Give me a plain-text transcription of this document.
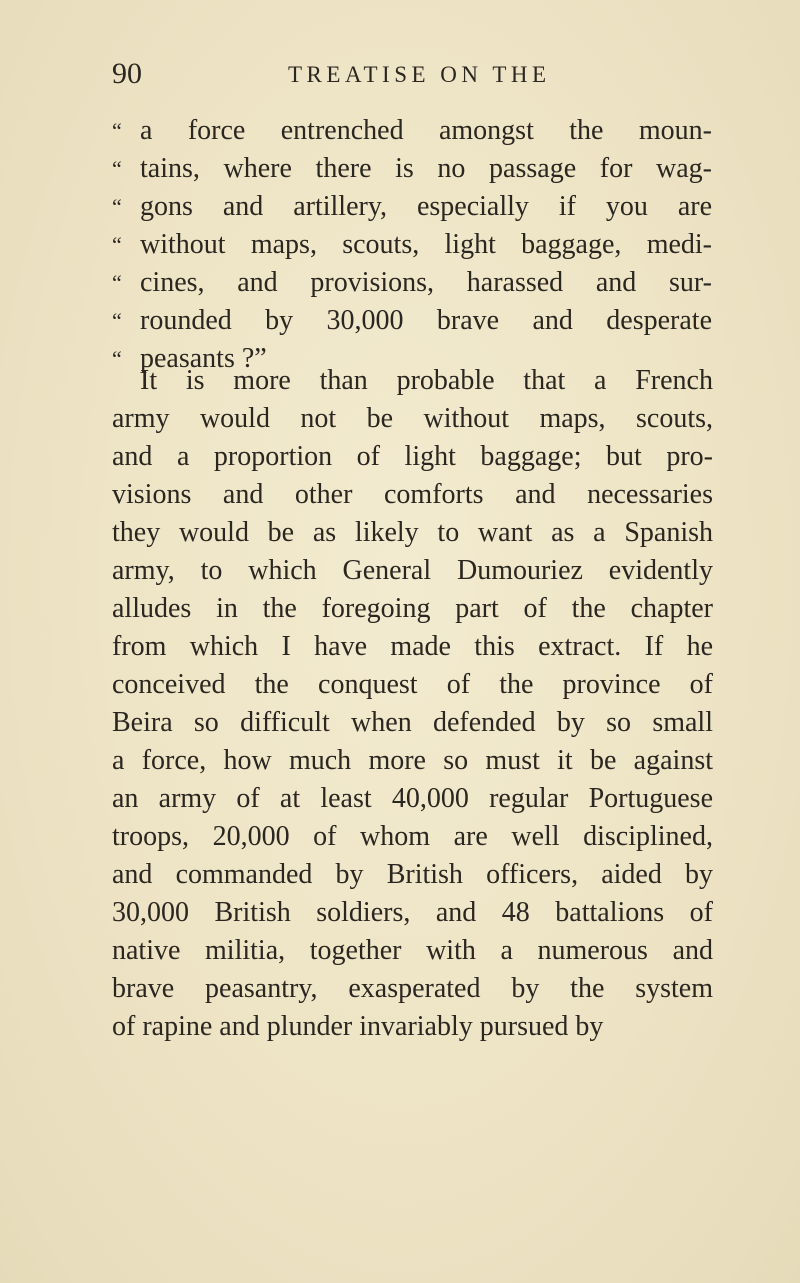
90	TREATISE ON THE
“ a force entrenched amongst the moun-
“ tains, where there is no passage for wag-
“ gons and artillery, especially if you are
“ without maps, scouts, light baggage, medi-
“ cines, and provisions, harassed and sur-
“ rounded by 30,000 brave and desperate
“ peasants ?”
It is more than probable that a French
army would not be without maps, scouts,
and a proportion of light baggage; but pro-
visions and other comforts and necessaries
they would be as likely to want as a Spanish
army, to which General Dumouriez evidently
alludes in the foregoing part of the chapter
from which I have made this extract. If he
conceived the conquest of the province of
Beira so difficult when defended by so small
a force, how much more so must it be against
an army of at least 40,000 regular Portuguese
troops, 20,000 of whom are well disciplined,
and commanded by British officers, aided by
30,000 British soldiers, and 48 battalions of
native militia, together with a numerous and
brave peasantry, exasperated by the system
of rapine and plunder invariably pursued by
